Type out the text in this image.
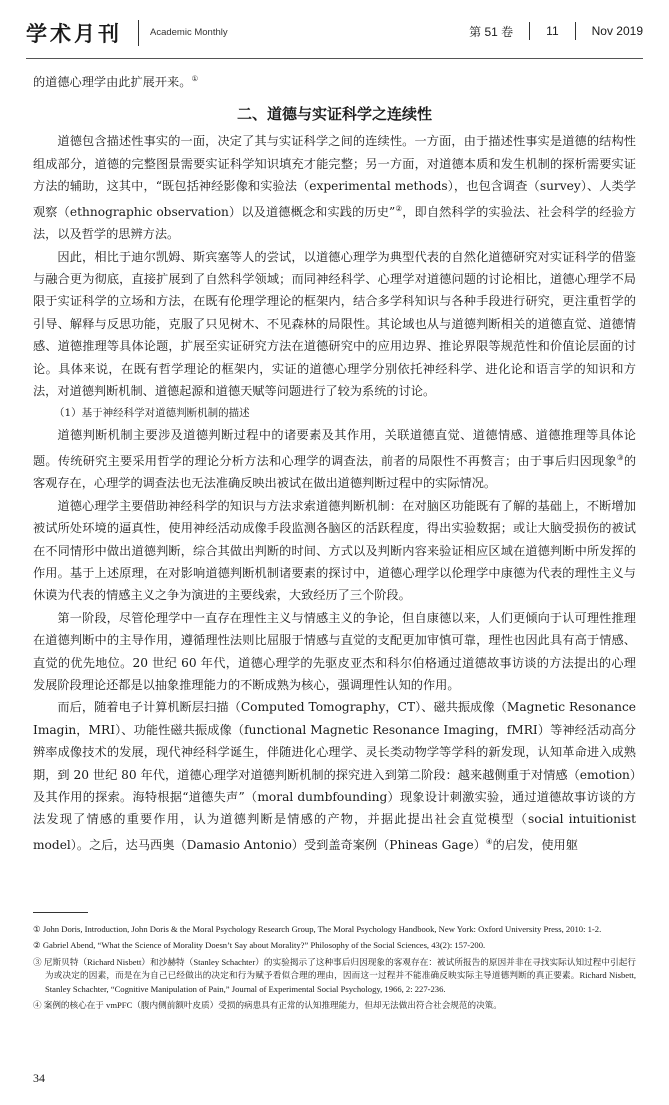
学术月刊	Academic Monthly	第 51 卷	11	Nov 2019

的道德心理学由此扩展开来。①

二、道德与实证科学之连续性

道德包含描述性事实的一面，决定了其与实证科学之间的连续性。一方面，由于描述性事实是道德的结构性组成部分，道德的完整图景需要实证科学知识填充才能完整；另一方面，对道德本质和发生机制的探析需要实证方法的辅助，这其中，“既包括神经影像和实验法（experimental methods），也包含调查（survey）、人类学观察（ethnographic observation）以及道德概念和实践的历史”②，即自然科学的实验法、社会科学的经验方法，以及哲学的思辨方法。

因此，相比于迪尔凯姆、斯宾塞等人的尝试，以道德心理学为典型代表的自然化道德研究对实证科学的借鉴与融合更为彻底，直接扩展到了自然科学领域；而同神经科学、心理学对道德问题的讨论相比，道德心理学不局限于实证科学的立场和方法，在既有伦理学理论的框架内，结合多学科知识与各种手段进行研究，更注重哲学的引导、解释与反思功能，克服了只见树木、不见森林的局限性。其论域也从与道德判断相关的道德直觉、道德情感、道德推理等具体论题，扩展至实证研究方法在道德研究中的应用边界、推论界限等规范性和价值论层面的讨论。具体来说，在既有哲学理论的框架内，实证的道德心理学分别依托神经科学、进化论和语言学的知识和方法，对道德判断机制、道德起源和道德天赋等问题进行了较为系统的讨论。

（1）基于神经科学对道德判断机制的描述

道德判断机制主要涉及道德判断过程中的诸要素及其作用，关联道德直觉、道德情感、道德推理等具体论题。传统研究主要采用哲学的理论分析方法和心理学的调查法，前者的局限性不再赘言；由于事后归因现象③的客观存在，心理学的调查法也无法准确反映出被试在做出道德判断过程中的实际情况。

道德心理学主要借助神经科学的知识与方法求索道德判断机制：在对脑区功能既有了解的基础上，不断增加被试所处环境的逼真性，使用神经活动成像手段监测各脑区的活跃程度，得出实验数据；或让大脑受损伤的被试在不同情形中做出道德判断，综合其做出判断的时间、方式以及判断内容来验证相应区域在道德判断中所发挥的作用。基于上述原理，在对影响道德判断机制诸要素的探讨中，道德心理学以伦理学中康德为代表的理性主义与休谟为代表的情感主义之争为演进的主要线索，大致经历了三个阶段。

第一阶段，尽管伦理学中一直存在理性主义与情感主义的争论，但自康德以来，人们更倾向于认可理性推理在道德判断中的主导作用，遵循理性法则比屈服于情感与直觉的支配更加审慎可靠，理性也因此具有高于情感、直觉的优先地位。20 世纪 60 年代，道德心理学的先驱皮亚杰和科尔伯格通过道德故事访谈的方法提出的心理发展阶段理论还都是以抽象推理能力的不断成熟为核心，强调理性认知的作用。

而后，随着电子计算机断层扫描（Computed Tomography，CT）、磁共振成像（Magnetic Resonance Imagin，MRI）、功能性磁共振成像（functional Magnetic Resonance Imaging，fMRI）等神经活动高分辨率成像技术的发展，现代神经科学诞生，伴随进化心理学、灵长类动物学等学科的新发现，认知革命进入成熟期，到 20 世纪 80 年代，道德心理学对道德判断机制的探究进入到第二阶段：越来越侧重于对情感（emotion）及其作用的探索。海特根据“道德失声”（moral dumbfounding）现象设计刺激实验，通过道德故事访谈的方法发现了情感的重要作用，认为道德判断是情感的产物，并据此提出社会直觉模型（social intuitionist model）。之后，达马西奥（Damasio Antonio）受到盖奇案例（Phineas Gage）④的启发，使用躯

① John Doris, Introduction, John Doris & the Moral Psychology Research Group, The Moral Psychology Handbook, New York: Oxford University Press, 2010: 1-2.

② Gabriel Abend, “What the Science of Morality Doesn’t Say about Morality?” Philosophy of the Social Sciences, 43(2): 157-200.

③ 尼斯贝特（Richard Nisbett）和沙赫特（Stanley Schachter）的实验揭示了这种事后归因现象的客观存在：被试所报告的原因并非在寻找实际认知过程中引起行为或决定的因素，而是在为自己已经做出的决定和行为赋予看似合理的理由，因而这一过程并不能准确反映实际主导道德判断的真正要素。Richard Nisbett, Stanley Schachter, “Cognitive Manipulation of Pain,” Journal of Experimental Social Psychology, 1966, 2: 227-236.

④ 案例的核心在于 vmPFC（腹内侧前额叶皮质）受损的病患具有正常的认知推理能力，但却无法做出符合社会规范的决策。

34
